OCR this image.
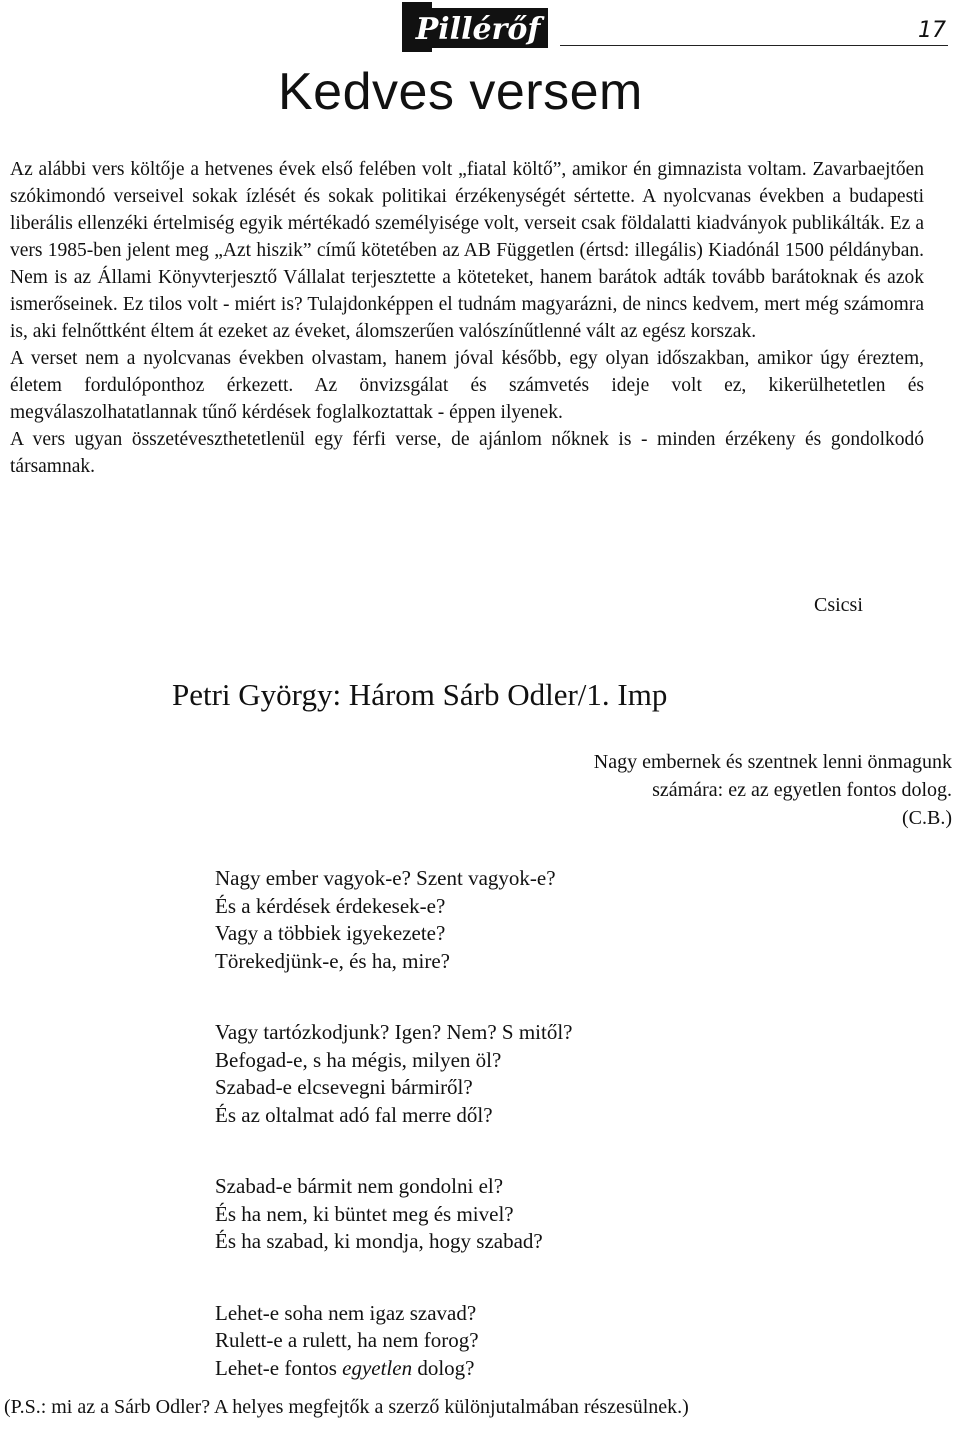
Pillérőf	17
Kedves versem

Az alábbi vers költője a hetvenes évek első felében volt „fiatal költő”, amikor én gimnazista voltam. Zavarbaejtően szókimondó verseivel sokak ízlését és sokak politikai érzékenységét sértette. A nyolcvanas években a budapesti liberális ellenzéki értelmiség egyik mértékadó személyisége volt, verseit csak földalatti kiadványok publikálták. Ez a vers 1985-ben jelent meg „Azt hiszik” című kötetében az AB Független (értsd: illegális) Kiadónál 1500 példányban. Nem is az Állami Könyvterjesztő Vállalat terjesztette a köteteket, hanem barátok adták tovább barátoknak és azok ismerőseinek. Ez tilos volt - miért is? Tulajdonképpen el tudnám magyarázni, de nincs kedvem, mert még számomra is, aki felnőttként éltem át ezeket az éveket, álomszerűen valószínűtlenné vált az egész korszak.

A verset nem a nyolcvanas években olvastam, hanem jóval később, egy olyan időszakban, amikor úgy éreztem, életem fordulóponthoz érkezett. Az önvizsgálat és számvetés ideje volt ez, kikerülhetetlen és megválaszolhatatlannak tűnő kérdések foglalkoztattak - éppen ilyenek.

A vers ugyan összetéveszthetetlenül egy férfi verse, de ajánlom nőknek is - minden érzékeny és gondolkodó társamnak.

Csicsi
Petri György: Három Sárb Odler/1. Imp
Nagy embernek és szentnek lenni önmagunk
számára: ez az egyetlen fontos dolog.
(C.B.)
Nagy ember vagyok-e? Szent vagyok-e?
És a kérdések érdekesek-e?
Vagy a többiek igyekezete?
Törekedjünk-e, és ha, mire?
Vagy tartózkodjunk? Igen? Nem? S mitől?
Befogad-e, s ha mégis, milyen öl?
Szabad-e elcsevegni bármiről?
És az oltalmat adó fal merre dől?
Szabad-e bármit nem gondolni el?
És ha nem, ki büntet meg és mivel?
És ha szabad, ki mondja, hogy szabad?
Lehet-e soha nem igaz szavad?
Rulett-e a rulett, ha nem forog?
Lehet-e fontos egyetlen dolog?
(P.S.: mi az a Sárb Odler? A helyes megfejtők a szerző különjutalmában részesülnek.)
